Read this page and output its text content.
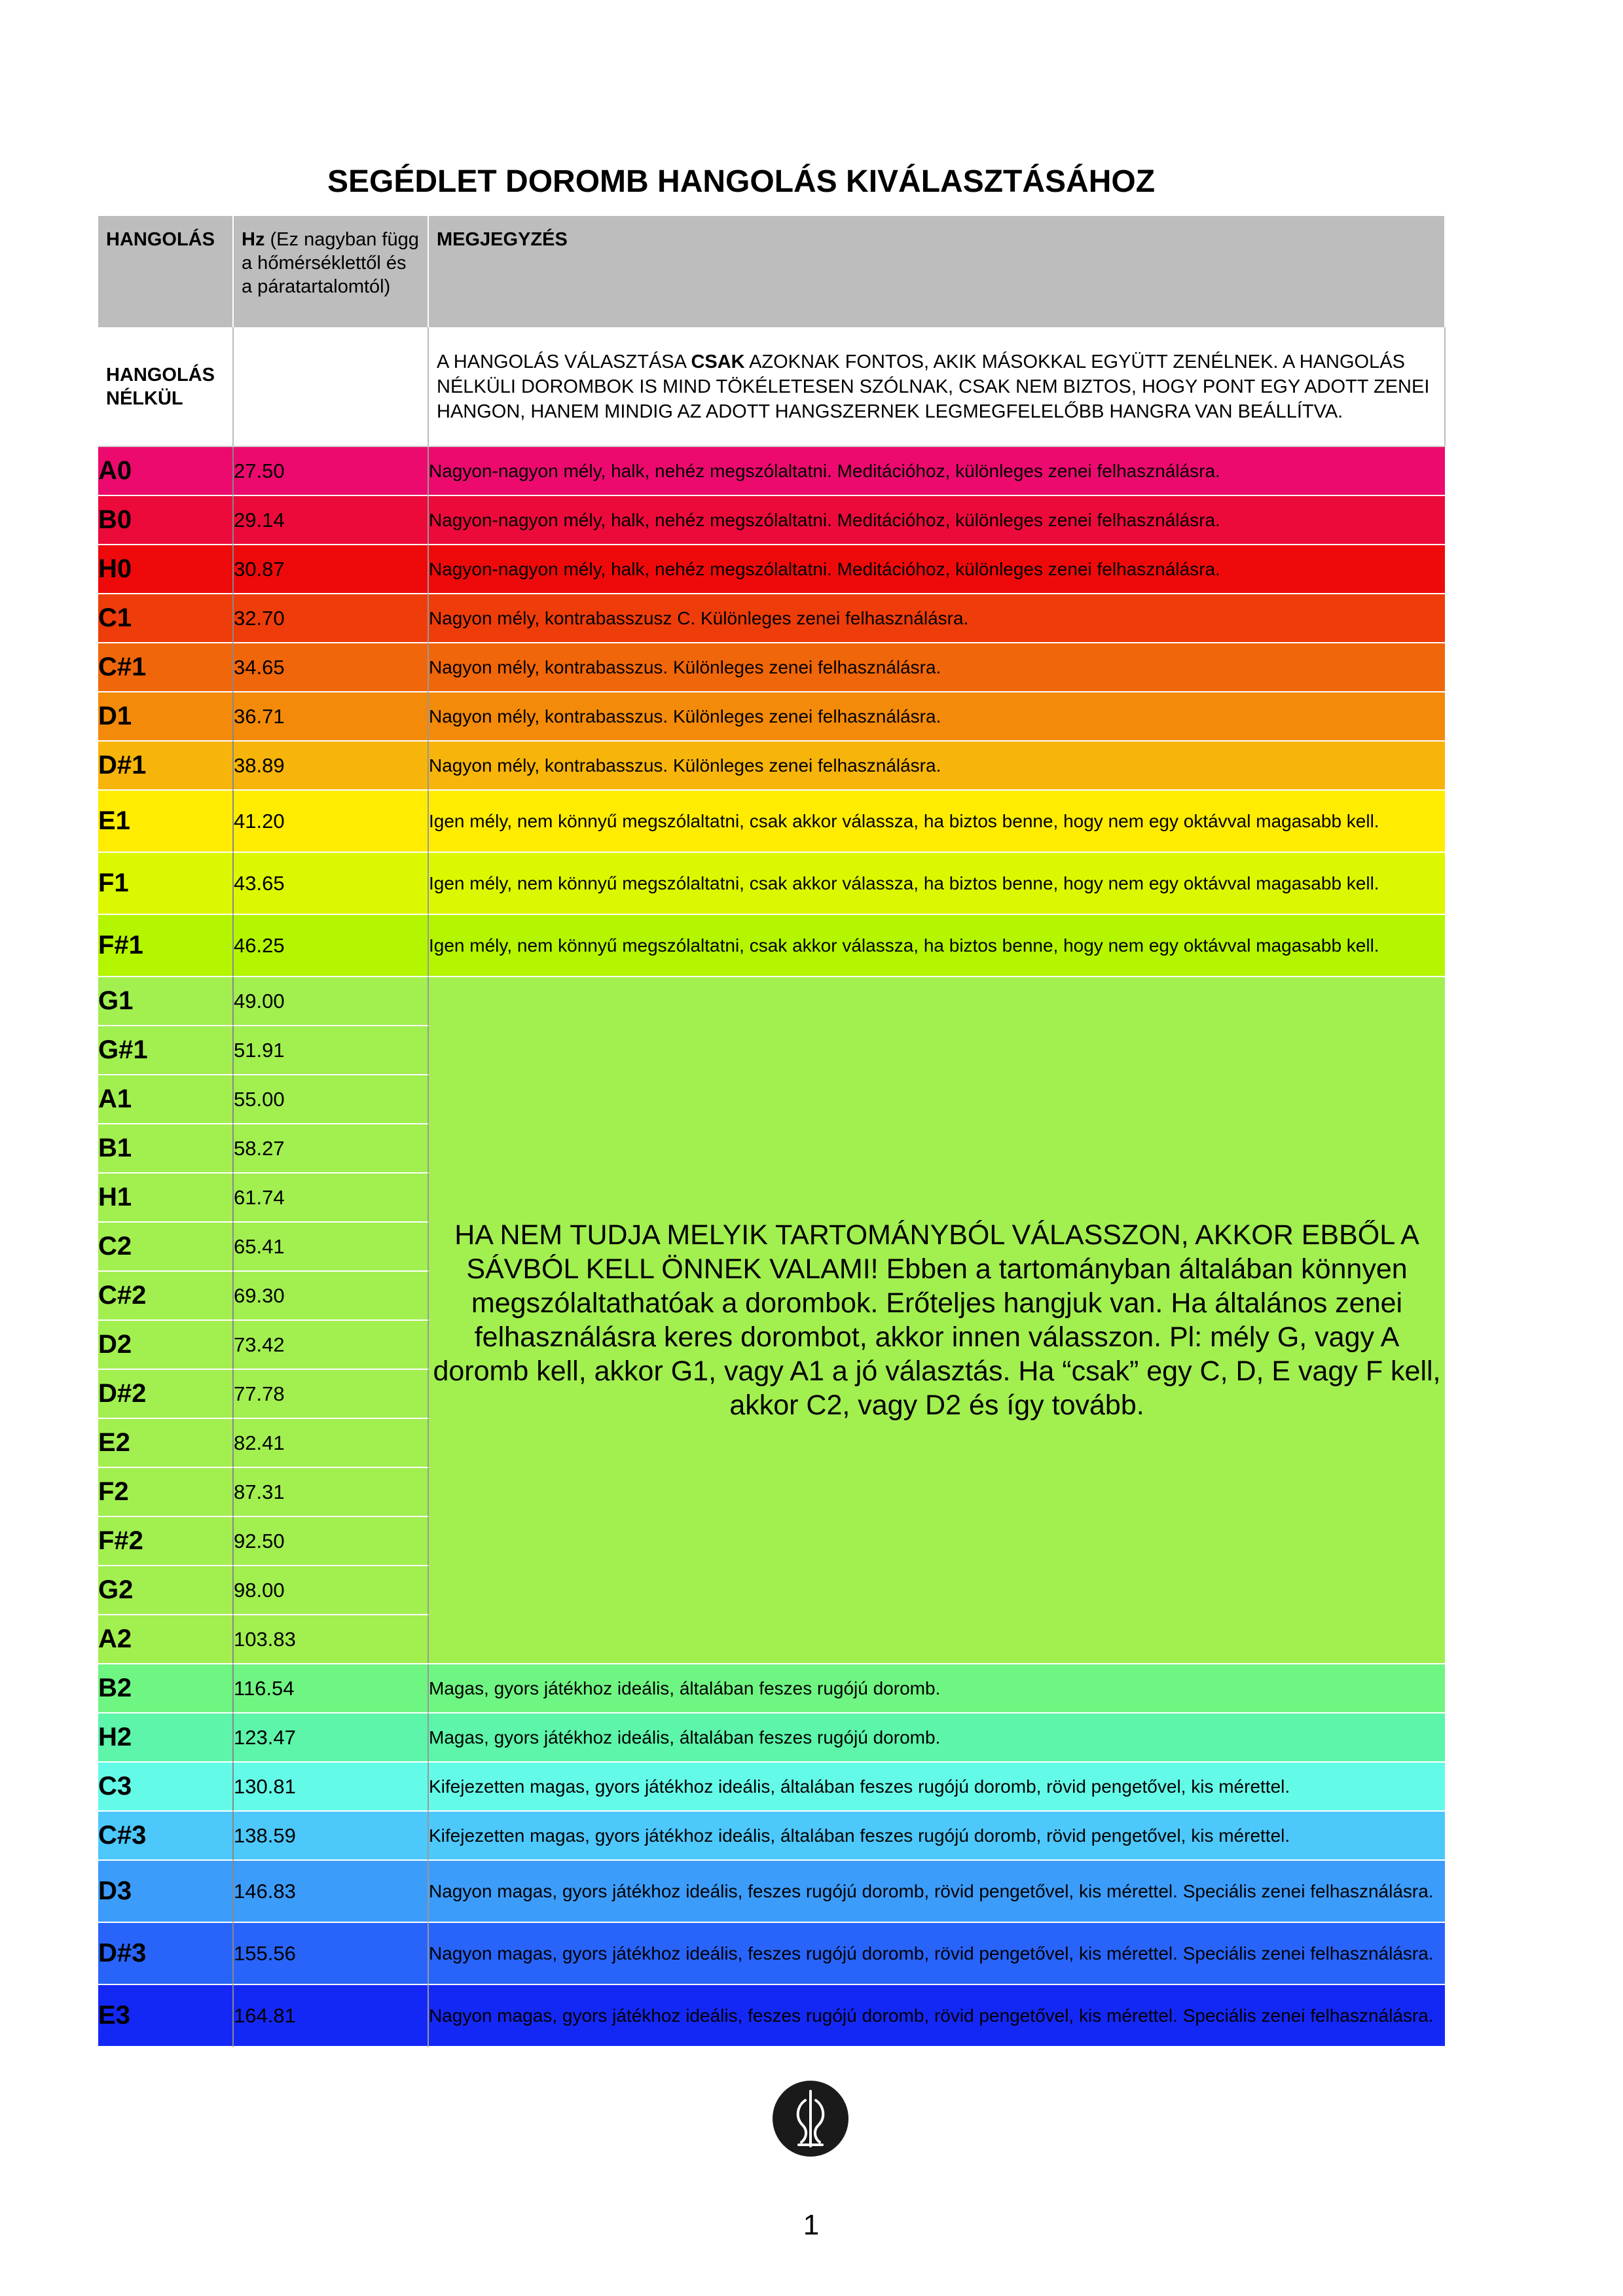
SEGÉDLET DOROMB HANGOLÁS KIVÁLASZTÁSÁHOZ
HANGOLÁS	Hz (Ez nagyban függ a hőmérséklettől és a páratartalomtól)	MEGJEGYZÉS
HANGOLÁS NÉLKÜL		A HANGOLÁS VÁLASZTÁSA CSAK AZOKNAK FONTOS, AKIK MÁSOKKAL EGYÜTT ZENÉLNEK. A HANGOLÁS NÉLKÜLI DOROMBOK IS MIND TÖKÉLETESEN SZÓLNAK, CSAK NEM BIZTOS, HOGY PONT EGY ADOTT ZENEI HANGON, HANEM MINDIG AZ ADOTT HANGSZERNEK LEGMEGFELELŐBB HANGRA VAN BEÁLLÍTVA.
A0	27.50	Nagyon-nagyon mély, halk, nehéz megszólaltatni. Meditációhoz, különleges zenei felhasználásra.
B0	29.14	Nagyon-nagyon mély, halk, nehéz megszólaltatni. Meditációhoz, különleges zenei felhasználásra.
H0	30.87	Nagyon-nagyon mély, halk, nehéz megszólaltatni. Meditációhoz, különleges zenei felhasználásra.
C1	32.70	Nagyon mély, kontrabasszusz C. Különleges zenei felhasználásra.
C#1	34.65	Nagyon mély, kontrabasszus. Különleges zenei felhasználásra.
D1	36.71	Nagyon mély, kontrabasszus. Különleges zenei felhasználásra.
D#1	38.89	Nagyon mély, kontrabasszus. Különleges zenei felhasználásra.
E1	41.20	Igen mély, nem könnyű megszólaltatni, csak akkor válassza, ha biztos benne, hogy nem egy oktávval magasabb kell.
F1	43.65	Igen mély, nem könnyű megszólaltatni, csak akkor válassza, ha biztos benne, hogy nem egy oktávval magasabb kell.
F#1	46.25	Igen mély, nem könnyű megszólaltatni, csak akkor válassza, ha biztos benne, hogy nem egy oktávval magasabb kell.
G1	49.00	HA NEM TUDJA MELYIK TARTOMÁNYBÓL VÁLASSZON, AKKOR EBBŐL A SÁVBÓL KELL ÖNNEK VALAMI! Ebben a tartományban általában könnyen megszólaltathatóak a dorombok. Erőteljes hangjuk van. Ha általános zenei felhasználásra keres dorombot, akkor innen válasszon. Pl: mély G, vagy A doromb kell, akkor G1, vagy A1 a jó választás. Ha “csak” egy C, D, E vagy F kell, akkor C2, vagy D2 és így tovább.
G#1	51.91	
A1	55.00	
B1	58.27	
H1	61.74	
C2	65.41	
C#2	69.30	
D2	73.42	
D#2	77.78	
E2	82.41	
F2	87.31	
F#2	92.50	
G2	98.00	
A2	103.83	
B2	116.54	Magas, gyors játékhoz ideális, általában feszes rugójú doromb.
H2	123.47	Magas, gyors játékhoz ideális, általában feszes rugójú doromb.
C3	130.81	Kifejezetten magas, gyors játékhoz ideális, általában feszes rugójú doromb, rövid pengetővel, kis mérettel.
C#3	138.59	Kifejezetten magas, gyors játékhoz ideális, általában feszes rugójú doromb, rövid pengetővel, kis mérettel.
D3	146.83	Nagyon magas, gyors játékhoz ideális, feszes rugójú doromb, rövid pengetővel, kis mérettel. Speciális zenei felhasználásra.
D#3	155.56	Nagyon magas, gyors játékhoz ideális, feszes rugójú doromb, rövid pengetővel, kis mérettel. Speciális zenei felhasználásra.
E3	164.81	Nagyon magas, gyors játékhoz ideális, feszes rugójú doromb, rövid pengetővel, kis mérettel. Speciális zenei felhasználásra.
1
